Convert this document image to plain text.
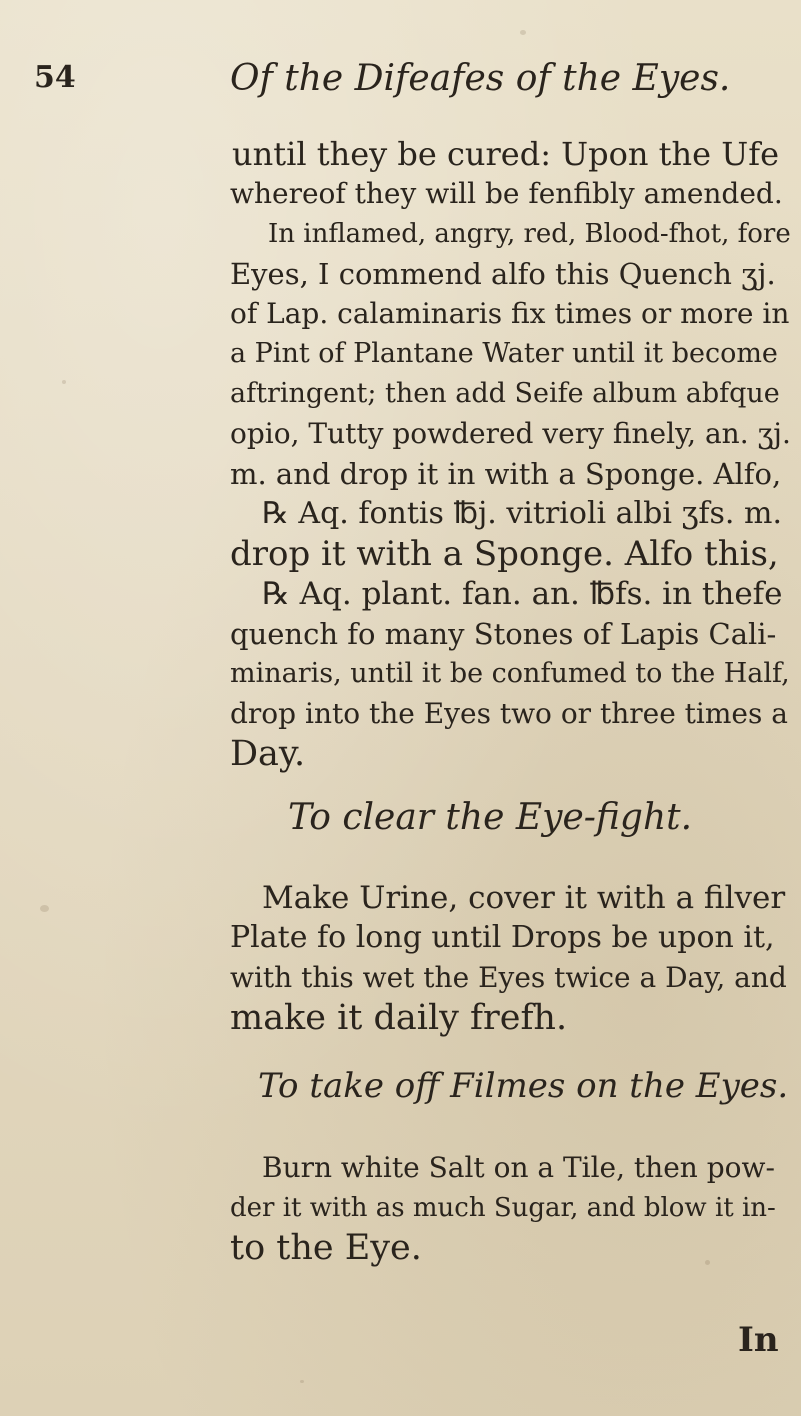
54	Of the Difeafes of the Eyes.
until they be cured: Upon the Ufe
whereof they will be fenfibly amended.
In inflamed, angry, red, Blood-fhot, fore
Eyes, I commend alfo this Quench ʒj.
of Lap. calaminaris fix times or more in
a Pint of Plantane Water until it become
aftringent; then add Seife album abfque
opio, Tutty powdered very finely, an. ʒj.
m. and drop it in with a Sponge. Alfo,
℞ Aq. fontis ℔j. vitrioli albi ʒfs. m.
drop it with a Sponge. Alfo this,
℞ Aq. plant. fan. an. ℔fs. in thefe
quench fo many Stones of Lapis Cali-
minaris, until it be confumed to the Half,
drop into the Eyes two or three times a
Day.
To clear the Eye-fight.
Make Urine, cover it with a filver
Plate fo long until Drops be upon it,
with this wet the Eyes twice a Day, and
make it daily frefh.
To take off Filmes on the Eyes.
Burn white Salt on a Tile, then pow-
der it with as much Sugar, and blow it in-
to the Eye.
In
